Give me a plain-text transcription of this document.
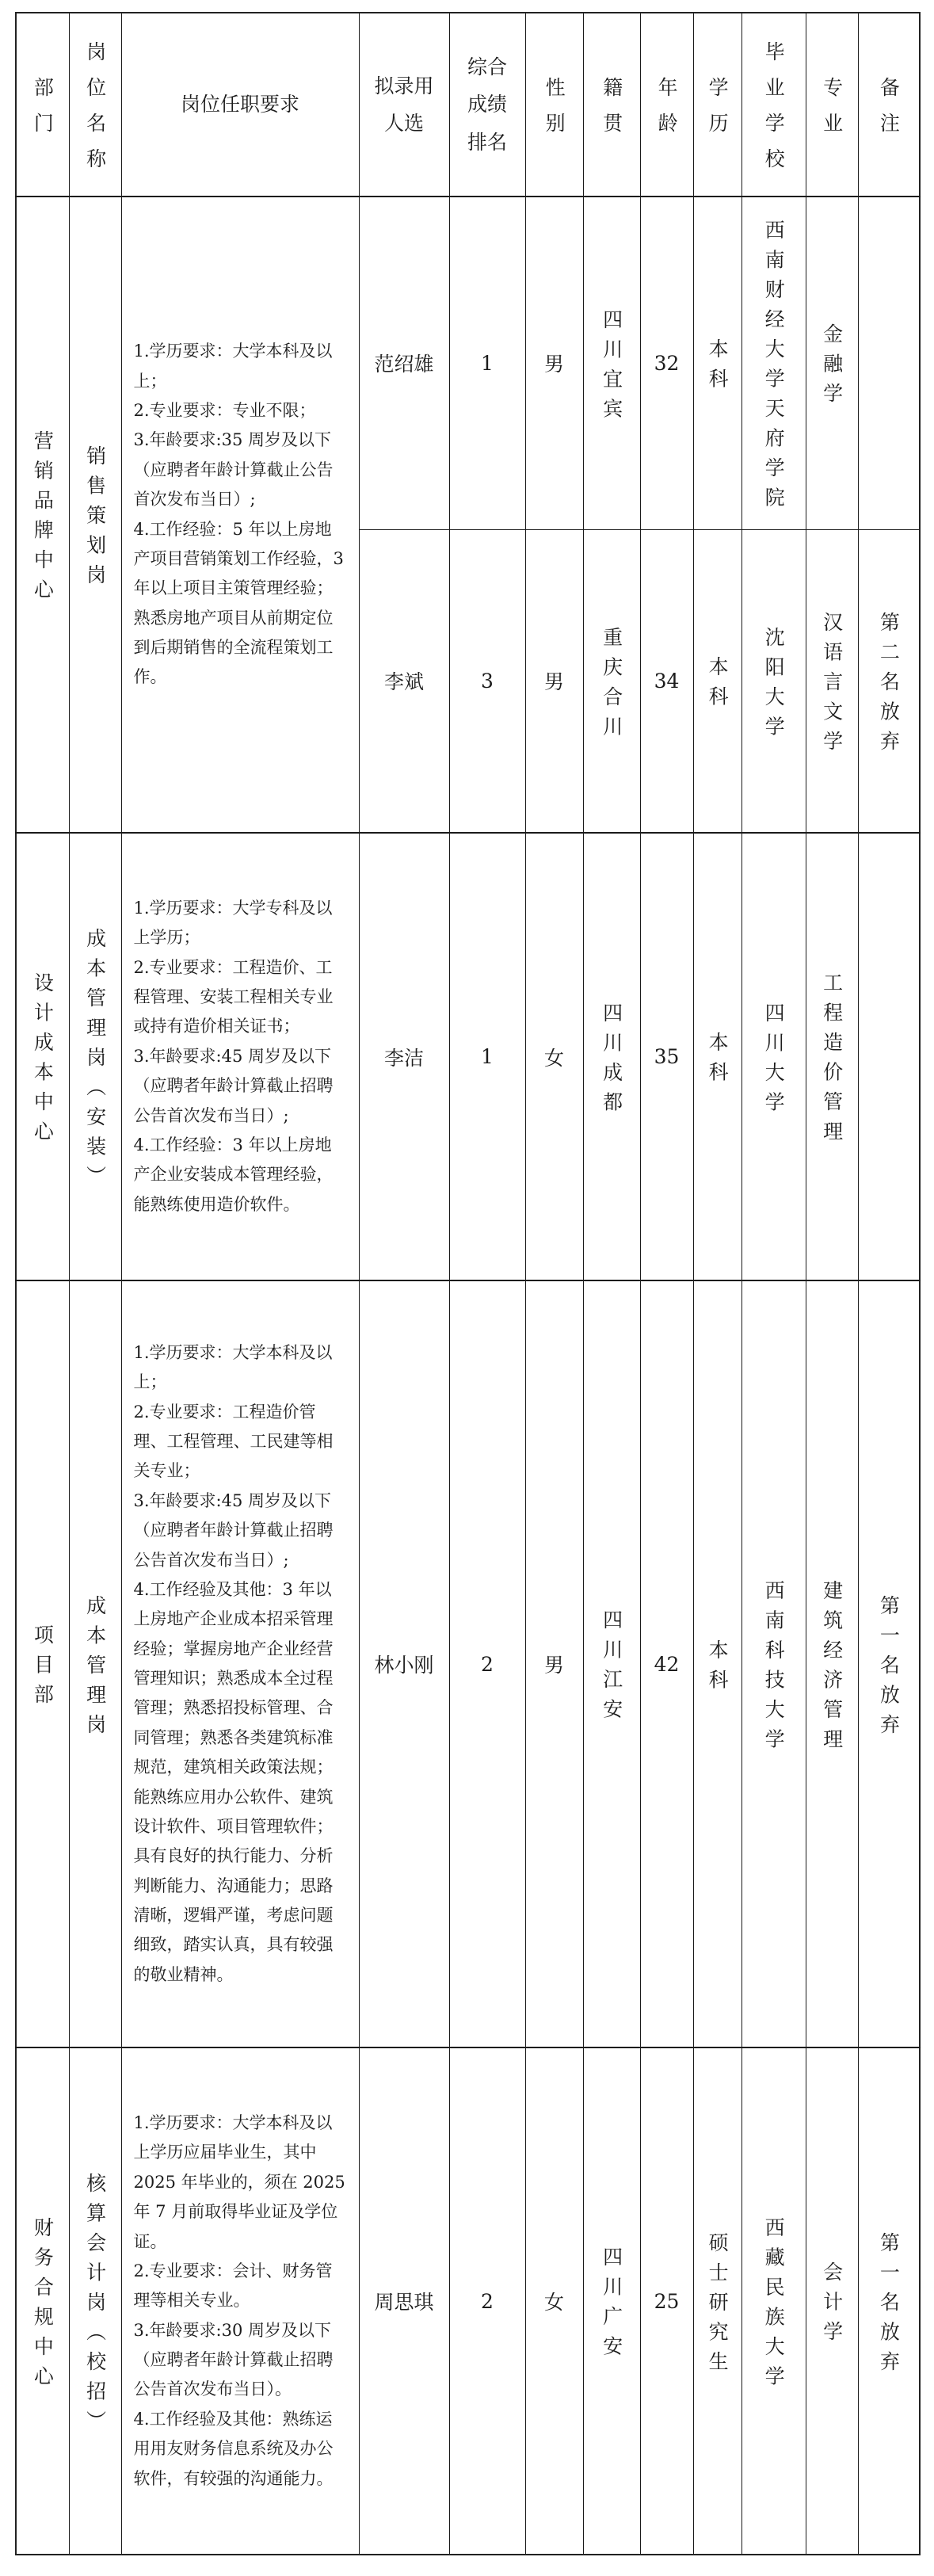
部门	岗位名称	岗位任职要求	拟录用人选	综合成绩排名	性别	籍贯	年龄	学历	毕业学校	专业	备注

营销品牌中心	销售策划岗	1.学历要求：大学本科及以上；
2.专业要求：专业不限；
3.年龄要求:35 周岁及以下（应聘者年龄计算截止公告首次发布当日）;
4.工作经验：5 年以上房地产项目营销策划工作经验，3 年以上项目主策管理经验；熟悉房地产项目从前期定位到后期销售的全流程策划工作。	范绍雄	1	男	四川宜宾	32	本科	西南财经大学天府学院	金融学	

			李斌	3	男	重庆合川	34	本科	沈阳大学	汉语言文学	第二名放弃

设计成本中心	成本管理岗（安装）	1.学历要求：大学专科及以上学历；
2.专业要求：工程造价、工程管理、安装工程相关专业或持有造价相关证书；
3.年龄要求:45 周岁及以下（应聘者年龄计算截止招聘公告首次发布当日）;
4.工作经验：3 年以上房地产企业安装成本管理经验，能熟练使用造价软件。	李洁	1	女	四川成都	35	本科	四川大学	工程造价管理	

项目部	成本管理岗	1.学历要求：大学本科及以上；
2.专业要求：工程造价管理、工程管理、工民建等相关专业；
3.年龄要求:45 周岁及以下（应聘者年龄计算截止招聘公告首次发布当日）;
4.工作经验及其他：3 年以上房地产企业成本招采管理经验；掌握房地产企业经营管理知识；熟悉成本全过程管理；熟悉招投标管理、合同管理；熟悉各类建筑标准规范，建筑相关政策法规；能熟练应用办公软件、建筑设计软件、项目管理软件；具有良好的执行能力、分析判断能力、沟通能力；思路清晰，逻辑严谨，考虑问题细致，踏实认真，具有较强的敬业精神。	林小刚	2	男	四川江安	42	本科	西南科技大学	建筑经济管理	第一名放弃

财务合规中心	核算会计岗（校招）	1.学历要求：大学本科及以上学历应届毕业生，其中 2025 年毕业的，须在 2025 年 7 月前取得毕业证及学位证。
2.专业要求：会计、财务管理等相关专业。
3.年龄要求:30 周岁及以下（应聘者年龄计算截止招聘公告首次发布当日）。
4.工作经验及其他：熟练运用用友财务信息系统及办公软件，有较强的沟通能力。	周思琪	2	女	四川广安	25	硕士研究生	西藏民族大学	会计学	第一名放弃
